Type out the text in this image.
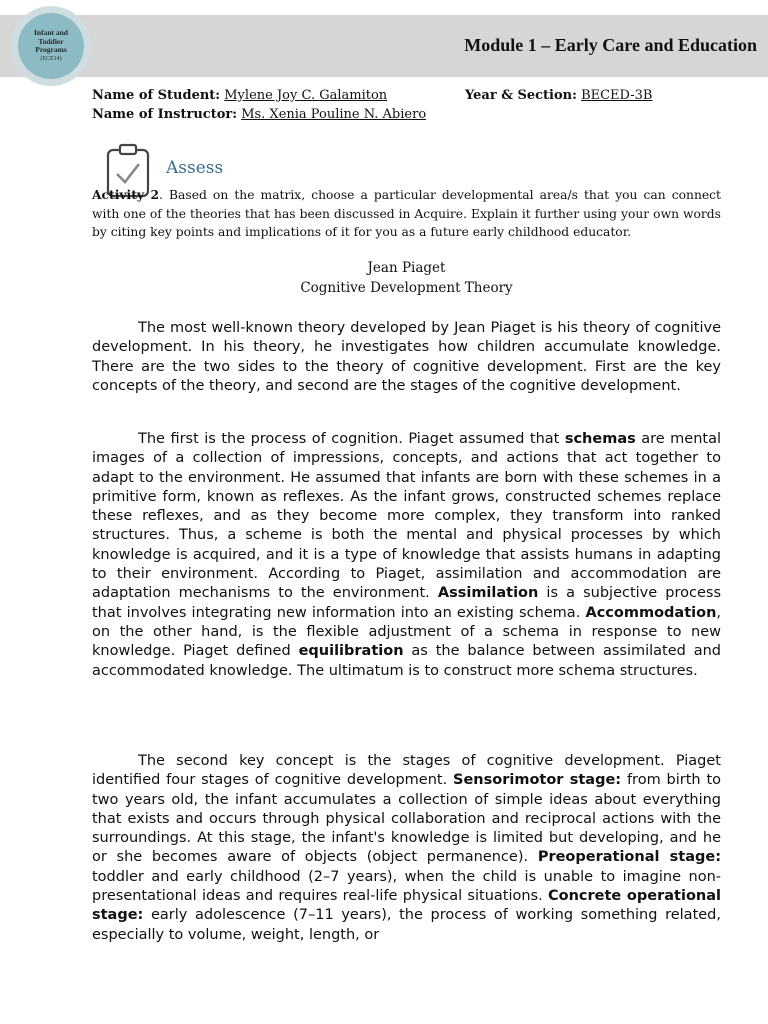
Infant and
Toddler
Programs
(ECE14)
Module 1 – Early Care and Education
Name of Student: Mylene Joy C. Galamiton	Year & Section: BECED-3B
Name of Instructor: Ms. Xenia Pouline N. Abiero
Assess
Activity 2. Based on the matrix, choose a particular developmental area/s that you can connect with one of the theories that has been discussed in Acquire. Explain it further using your own words by citing key points and implications of it for you as a future early childhood educator.
Jean Piaget
Cognitive Development Theory
The most well-known theory developed by Jean Piaget is his theory of cognitive development. In his theory, he investigates how children accumulate knowledge. There are the two sides to the theory of cognitive development. First are the key concepts of the theory, and second are the stages of the cognitive development.
The first is the process of cognition. Piaget assumed that schemas are mental images of a collection of impressions, concepts, and actions that act together to adapt to the environment. He assumed that infants are born with these schemes in a primitive form, known as reflexes. As the infant grows, constructed schemes replace these reflexes, and as they become more complex, they transform into ranked structures. Thus, a scheme is both the mental and physical processes by which knowledge is acquired, and it is a type of knowledge that assists humans in adapting to their environment. According to Piaget, assimilation and accommodation are adaptation mechanisms to the environment. Assimilation is a subjective process that involves integrating new information into an existing schema. Accommodation, on the other hand, is the flexible adjustment of a schema in response to new knowledge. Piaget defined equilibration as the balance between assimilated and accommodated knowledge. The ultimatum is to construct more schema structures.
The second key concept is the stages of cognitive development. Piaget identified four stages of cognitive development. Sensorimotor stage: from birth to two years old, the infant accumulates a collection of simple ideas about everything that exists and occurs through physical collaboration and reciprocal actions with the surroundings. At this stage, the infant's knowledge is limited but developing, and he or she becomes aware of objects (object permanence). Preoperational stage: toddler and early childhood (2–7 years), when the child is unable to imagine non-presentational ideas and requires real-life physical situations. Concrete operational stage: early adolescence (7–11 years), the process of working something related, especially to volume, weight, length, or
